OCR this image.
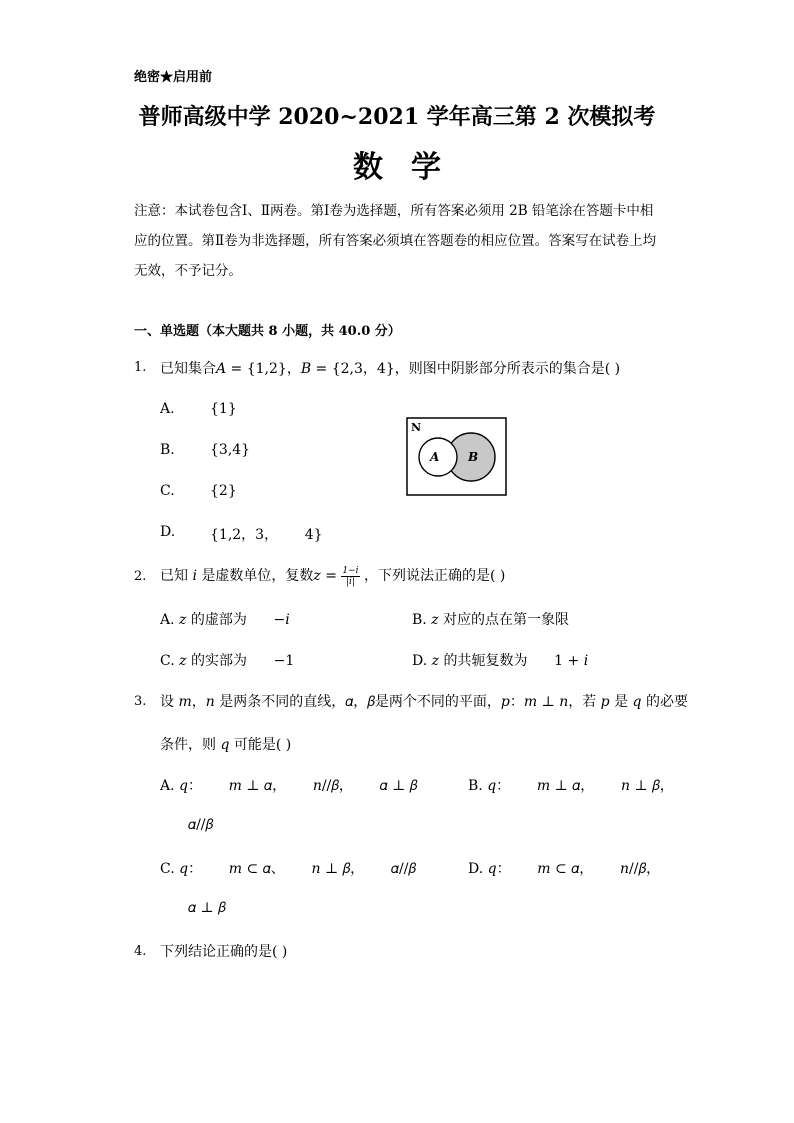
绝密★启用前
普师高级中学 2020~2021 学年高三第 2 次模拟考
数学
注意：本试卷包含Ⅰ、Ⅱ两卷。第Ⅰ卷为选择题，所有答案必须用 2B 铅笔涂在答题卡中相应的位置。第Ⅱ卷为非选择题，所有答案必须填在答题卷的相应位置。答案写在试卷上均无效，不予记分。
一、单选题（本大题共 8 小题，共 40.0 分）
1. 已知集合𝐴 = {1,2}，𝐵 = {2,3，4}，则图中阴影部分所表示的集合是( )
A.	{1}
B.	{3,4}
C.	{2}
D. {1,2，3，      4}
N
A B
2. 已知 𝑖 是虚数单位，复数𝑧 = $\frac{\text{1−𝑖}}{\text{|𝑖|}}$ ，下列说法正确的是( )
A. 𝑧 的虚部为      −𝑖	B. 𝑧 对应的点在第一象限
C. 𝑧 的实部为      −1	D. 𝑧 的共轭复数为      1 + 𝑖
3. 设 𝑚，𝑛 是两条不同的直线，𝛼，𝛽是两个不同的平面，𝑝：𝑚 ⊥ 𝑛，若 𝑝 是 𝑞 的必要
条件，则 𝑞 可能是( )
A. 𝑞：      𝑚 ⊥ 𝛼，      𝑛//𝛽，      𝛼 ⊥ 𝛽	B. 𝑞：      𝑚 ⊥ 𝛼，      𝑛 ⊥ 𝛽，
𝛼//𝛽
C. 𝑞：      𝑚 ⊂ 𝛼、      𝑛 ⊥ 𝛽，      𝛼//𝛽	D. 𝑞：      𝑚 ⊂ 𝛼，      𝑛//𝛽，
𝛼 ⊥ 𝛽
4. 下列结论正确的是( )
